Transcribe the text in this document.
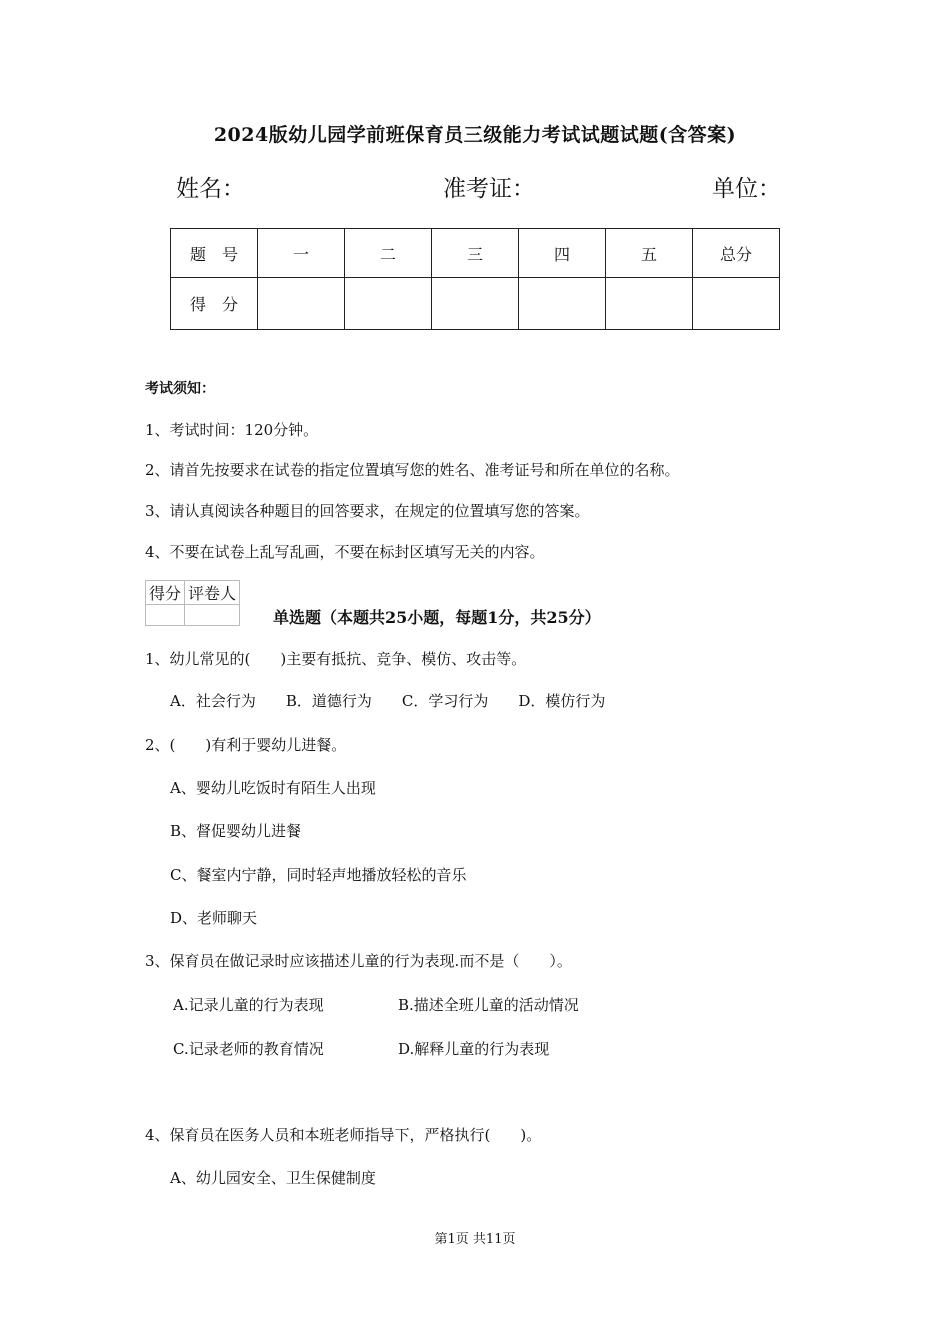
2024版幼儿园学前班保育员三级能力考试试题试题(含答案)
姓名：	准考证：	单位：
题　号	一	二	三	四	五	总分
得　分						
考试须知：
1、考试时间：120分钟。
2、请首先按要求在试卷的指定位置填写您的姓名、准考证号和所在单位的名称。
3、请认真阅读各种题目的回答要求，在规定的位置填写您的答案。
4、不要在试卷上乱写乱画，不要在标封区填写无关的内容。
得分	评卷人

单选题（本题共25小题，每题1分，共25分）
1、幼儿常见的(　　)主要有抵抗、竞争、模仿、攻击等。
A．社会行为　　B．道德行为　　C．学习行为　　D．模仿行为
2、(　　)有利于婴幼儿进餐。
A、婴幼儿吃饭时有陌生人出现
B、督促婴幼儿进餐
C、餐室内宁静，同时轻声地播放轻松的音乐
D、老师聊天
3、保育员在做记录时应该描述儿童的行为表现.而不是（　　）。
A.记录儿童的行为表现	B.描述全班儿童的活动情况
C.记录老师的教育情况	D.解释儿童的行为表现
4、保育员在医务人员和本班老师指导下，严格执行(　　)。
A、幼儿园安全、卫生保健制度
第1页 共11页
